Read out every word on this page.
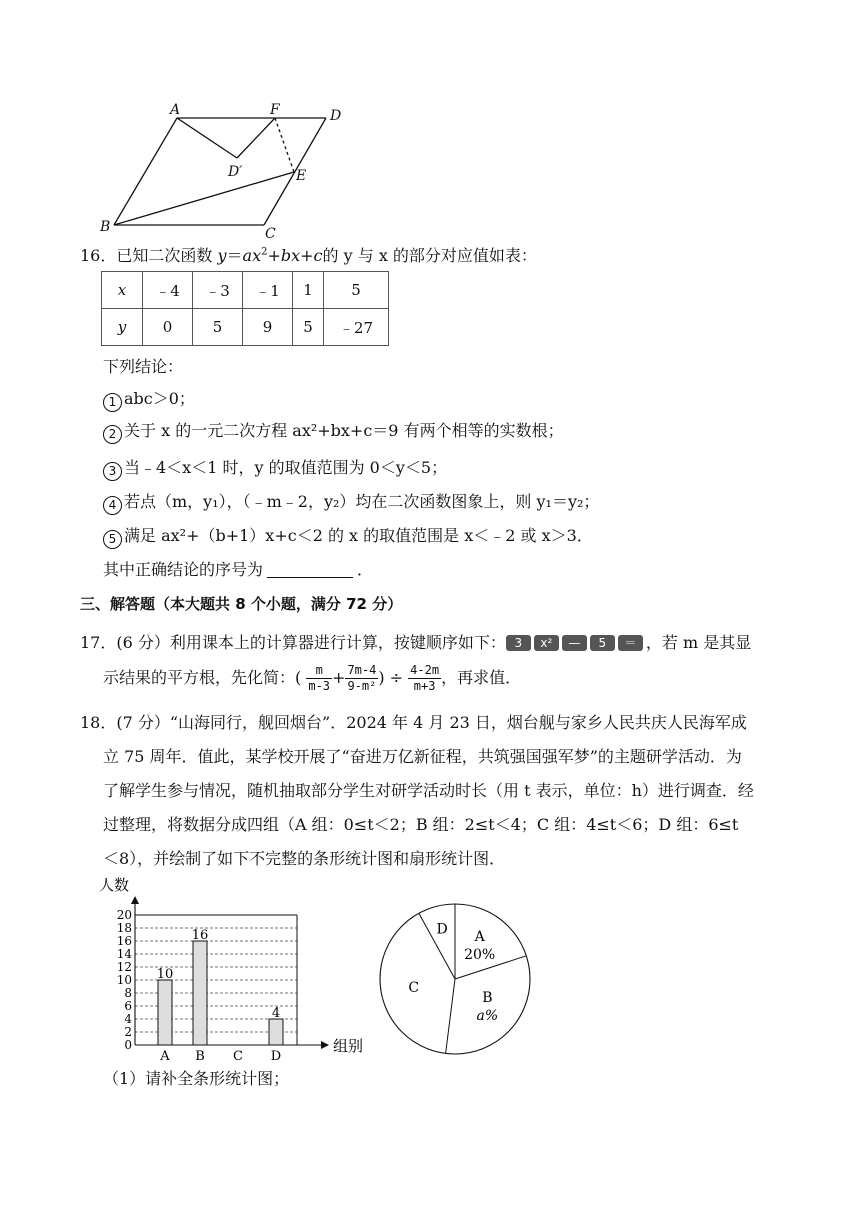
A	F	D
D′	E
B	C
16．已知二次函数 $y=ax^2+bx+c$的 y 与 x 的部分对应值如表：
x	﹣4	﹣3	﹣1	1	5
y	0	5	9	5	﹣27
下列结论：
1 abc＞0；
2 关于 x 的一元二次方程 ax²+bx+c＝9 有两个相等的实数根；
3 当﹣4＜x＜1 时，y 的取值范围为 0＜y＜5；
4 若点（m，y₁），（﹣m﹣2，y₂）均在二次函数图象上，则 y₁＝y₂；
5 满足 ax²+（b+1）x+c＜2 的 x 的取值范围是 x＜﹣2 或 x＞3．
其中正确结论的序号为	．
三、解答题（本大题共 8 个小题，满分 72 分）
17．(6 分）利用课本上的计算器进行计算，按键顺序如下： 3 x² — 5 ＝ ，若 m 是其显
示结果的平方根，先化简：( $\frac{m}{m-3} + \frac{7m-4}{\text{9-m²}}$ ) ÷ $\frac{4-2m}{m+3}$ ，再求值．
18．(7 分）“山海同行，舰回烟台”．2024 年 4 月 23 日，烟台舰与家乡人民共庆人民海军成
立 75 周年．值此，某学校开展了“奋进万亿新征程，共筑强国强军梦”的主题研学活动．为
了解学生参与情况，随机抽取部分学生对研学活动时长（用 t 表示，单位：h）进行调查．经
过整理，将数据分成四组（A 组：0≤t＜2；B 组：2≤t＜4；C 组：4≤t＜6；D 组：6≤t
＜8），并绘制了如下不完整的条形统计图和扇形统计图．
人数
0
2
4
6
8
10
12
14
16
18
20
组别
10
A
16
B C
4
D
A
20%
B
a%
C
D
（1）请补全条形统计图；
